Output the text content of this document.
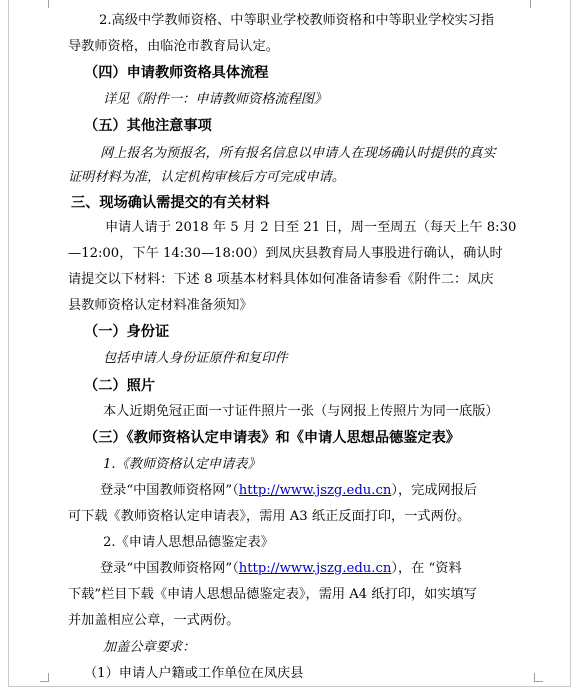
2.高级中学教师资格、中等职业学校教师资格和中等职业学校实习指
导教师资格，由临沧市教育局认定。
（四）申请教师资格具体流程
详见《附件一：申请教师资格流程图》
（五）其他注意事项
网上报名为预报名，所有报名信息以申请人在现场确认时提供的真实
证明材料为准，认定机构审核后方可完成申请。
三、现场确认需提交的有关材料
申请人请于 2018 年 5 月 2 日至 21 日，周一至周五（每天上午 8:30
—12:00，下午 14:30—18:00）到凤庆县教育局人事股进行确认，确认时
请提交以下材料：下述 8 项基本材料具体如何准备请参看《附件二：凤庆
县教师资格认定材料准备须知》
（一）身份证
包括申请人身份证原件和复印件
（二）照片
本人近期免冠正面一寸证件照片一张（与网报上传照片为同一底版）
（三）《教师资格认定申请表》和《申请人思想品德鉴定表》
1.《教师资格认定申请表》
登录“中国教师资格网”（http://www.jszg.edu.cn），完成网报后
可下载《教师资格认定申请表》，需用 A3 纸正反面打印，一式两份。
2.《申请人思想品德鉴定表》
登录“中国教师资格网”（http://www.jszg.edu.cn），在 “资料
下载”栏目下载《申请人思想品德鉴定表》，需用 A4 纸打印，如实填写
并加盖相应公章，一式两份。
加盖公章要求：
（1）申请人户籍或工作单位在凤庆县
